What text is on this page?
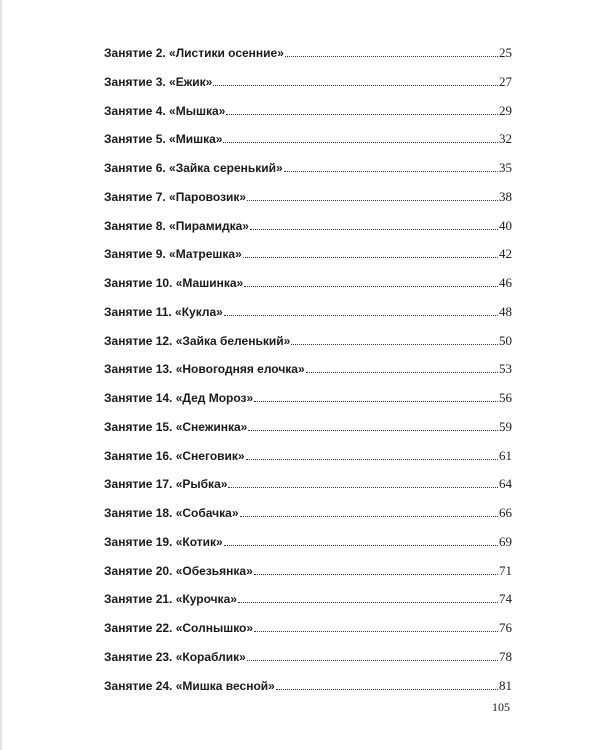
Занятие 2. «Листики осенние»	25
Занятие 3. «Ежик»	27
Занятие 4. «Мышка»	29
Занятие 5. «Мишка»	32
Занятие 6. «Зайка серенький»	35
Занятие 7. «Паровозик»	38
Занятие 8. «Пирамидка»	40
Занятие 9. «Матрешка»	42
Занятие 10. «Машинка»	46
Занятие 11. «Кукла»	48
Занятие 12. «Зайка беленький»	50
Занятие 13. «Новогодняя елочка»	53
Занятие 14. «Дед Мороз»	56
Занятие 15. «Снежинка»	59
Занятие 16. «Снеговик»	61
Занятие 17. «Рыбка»	64
Занятие 18. «Собачка»	66
Занятие 19. «Котик»	69
Занятие 20. «Обезьянка»	71
Занятие 21. «Курочка»	74
Занятие 22. «Солнышко»	76
Занятие 23. «Кораблик»	78
Занятие 24. «Мишка весной»	81
105
